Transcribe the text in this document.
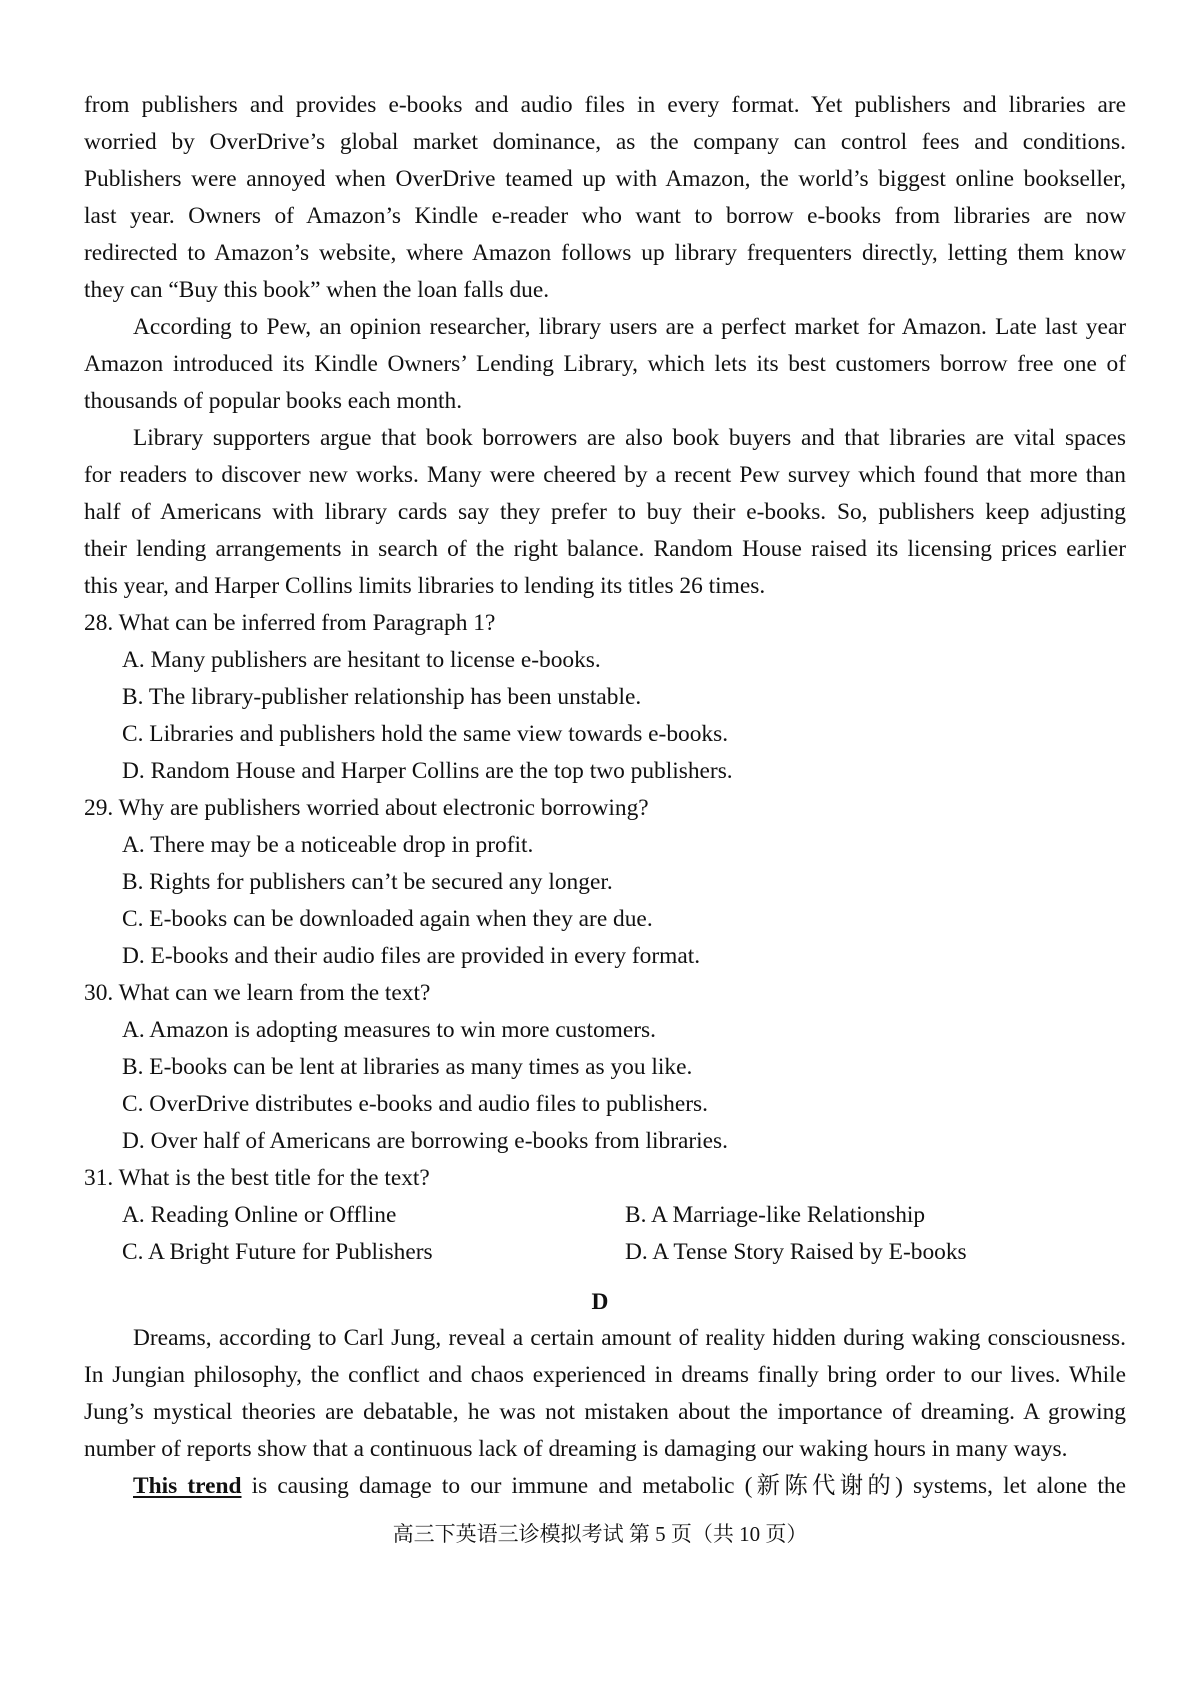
from publishers and provides e-books and audio files in every format. Yet publishers and libraries are
worried by OverDrive’s global market dominance, as the company can control fees and conditions.
Publishers were annoyed when OverDrive teamed up with Amazon, the world’s biggest online bookseller,
last year. Owners of Amazon’s Kindle e-reader who want to borrow e-books from libraries are now
redirected to Amazon’s website, where Amazon follows up library frequenters directly, letting them know
they can “Buy this book” when the loan falls due.
According to Pew, an opinion researcher, library users are a perfect market for Amazon. Late last year
Amazon introduced its Kindle Owners’ Lending Library, which lets its best customers borrow free one of
thousands of popular books each month.
Library supporters argue that book borrowers are also book buyers and that libraries are vital spaces
for readers to discover new works. Many were cheered by a recent Pew survey which found that more than
half of Americans with library cards say they prefer to buy their e-books. So, publishers keep adjusting
their lending arrangements in search of the right balance. Random House raised its licensing prices earlier
this year, and Harper Collins limits libraries to lending its titles 26 times.
28. What can be inferred from Paragraph 1?
A. Many publishers are hesitant to license e-books.
B. The library-publisher relationship has been unstable.
C. Libraries and publishers hold the same view towards e-books.
D. Random House and Harper Collins are the top two publishers.
29. Why are publishers worried about electronic borrowing?
A. There may be a noticeable drop in profit.
B. Rights for publishers can’t be secured any longer.
C. E-books can be downloaded again when they are due.
D. E-books and their audio files are provided in every format.
30. What can we learn from the text?
A. Amazon is adopting measures to win more customers.
B. E-books can be lent at libraries as many times as you like.
C. OverDrive distributes e-books and audio files to publishers.
D. Over half of Americans are borrowing e-books from libraries.
31. What is the best title for the text?
A. Reading Online or Offline	B. A Marriage-like Relationship
C. A Bright Future for Publishers	D. A Tense Story Raised by E-books
D
Dreams, according to Carl Jung, reveal a certain amount of reality hidden during waking consciousness.
In Jungian philosophy, the conflict and chaos experienced in dreams finally bring order to our lives. While
Jung’s mystical theories are debatable, he was not mistaken about the importance of dreaming. A growing
number of reports show that a continuous lack of dreaming is damaging our waking hours in many ways.
This trend is causing damage to our immune and metabolic (新陈代谢的) systems, let alone the
高三下英语三诊模拟考试 第 5 页（共 10 页）
